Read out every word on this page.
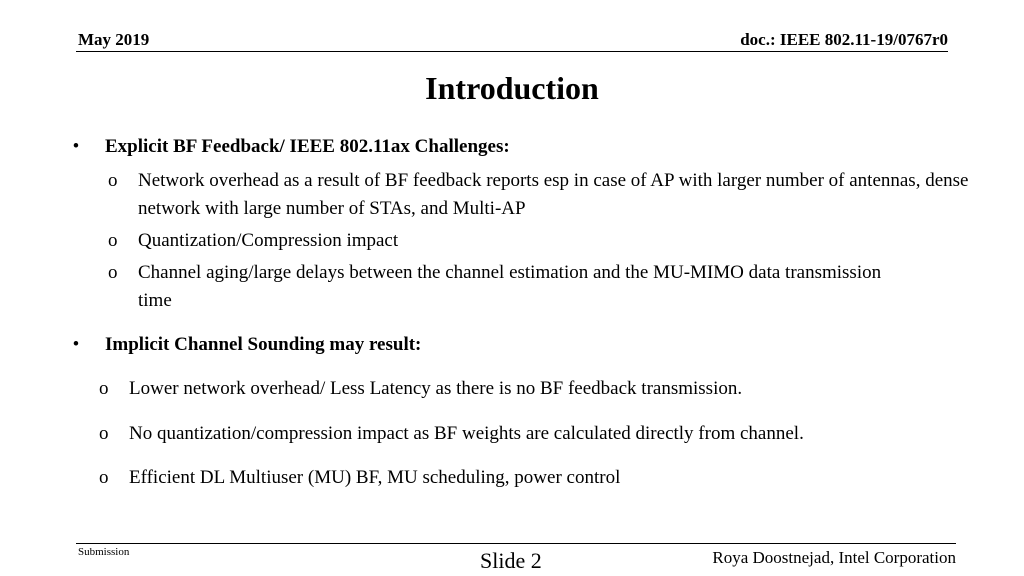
May 2019	doc.: IEEE 802.11-19/0767r0
Introduction
• Explicit BF Feedback/ IEEE 802.11ax Challenges:
o Network overhead as a result of BF feedback reports esp in case of AP with larger number of antennas, dense network with large number of STAs, and Multi-AP
o Quantization/Compression impact
o Channel aging/large delays between the channel estimation and the MU-MIMO data transmission time
• Implicit Channel Sounding may result:
o Lower network overhead/ Less Latency as there is no BF feedback transmission.
o No quantization/compression impact as BF weights are calculated directly from channel.
o Efficient DL Multiuser (MU) BF, MU scheduling, power control
Submission	Slide 2	Roya Doostnejad, Intel Corporation
